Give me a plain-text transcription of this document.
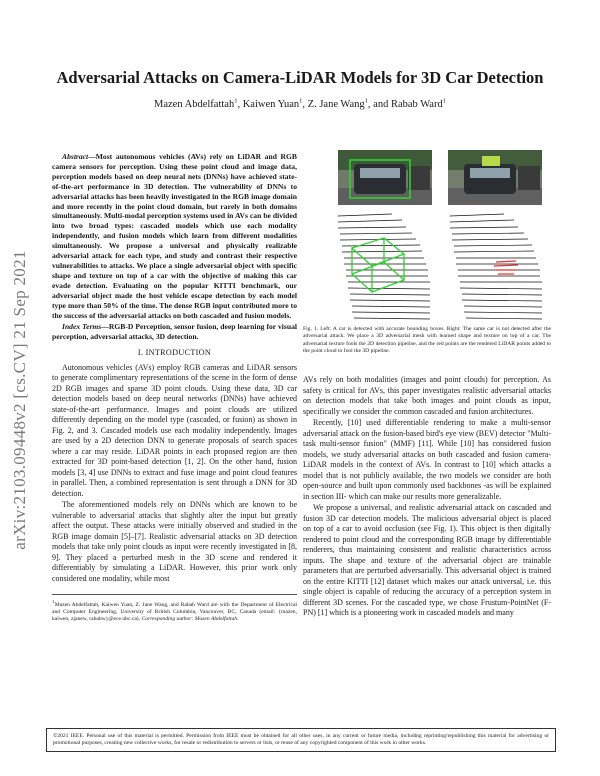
arXiv:2103.09448v2 [cs.CV] 21 Sep 2021
Adversarial Attacks on Camera-LiDAR Models for 3D Car Detection
Mazen Abdelfattah$^1$, Kaiwen Yuan$^1$, Z. Jane Wang$^1$, and Rabab Ward$^1$

Abstract—Most autonomous vehicles (AVs) rely on LiDAR and RGB camera sensors for perception. Using these point cloud and image data, perception models based on deep neural nets (DNNs) have achieved state-of-the-art performance in 3D detection. The vulnerability of DNNs to adversarial attacks has been heavily investigated in the RGB image domain and more recently in the point cloud domain, but rarely in both domains simultaneously. Multi-modal perception systems used in AVs can be divided into two broad types: cascaded models which use each modality independently, and fusion models which learn from different modalities simultaneously. We propose a universal and physically realizable adversarial attack for each type, and study and contrast their respective vulnerabilities to attacks. We place a single adversarial object with specific shape and texture on top of a car with the objective of making this car evade detection. Evaluating on the popular KITTI benchmark, our adversarial object made the host vehicle escape detection by each model type more than 50% of the time. The dense RGB input contributed more to the success of the adversarial attacks on both cascaded and fusion models.

Index Terms—RGB-D Perception, sensor fusion, deep learning for visual perception, adversarial attacks, 3D detection.

I. INTRODUCTION

Autonomous vehicles (AVs) employ RGB cameras and LiDAR sensors to generate complimentary representations of the scene in the form of dense 2D RGB images and sparse 3D point clouds. Using these data, 3D car detection models based on deep neural networks (DNNs) have achieved state-of-the-art performance. Images and point clouds are utilized differently depending on the model type (cascaded, or fusion) as shown in Fig. 2, and 3. Cascaded models use each modality independently. Images are used by a 2D detection DNN to generate proposals of search spaces where a car may reside. LiDAR points in each proposed region are then extracted for 3D point-based detection [1, 2]. On the other hand, fusion models [3, 4] use DNNs to extract and fuse image and point cloud features in parallel. Then, a combined representation is sent through a DNN for 3D detection.

The aforementioned models rely on DNNs which are known to be vulnerable to adversarial attacks that slightly alter the input but greatly affect the output. These attacks were initially observed and studied in the RGB image domain [5]–[7]. Realistic adversarial attacks on 3D detection models that take only point clouds as input were recently investigated in [8, 9]. They placed a perturbed mesh in the 3D scene and rendered it differentiably by simulating a LiDAR. However, this prior work only considered one modality, while most

$^1$ Mazen Abdelfattah, Kaiwen Yuan, Z. Jane Wang, and Rabab Ward are with the Department of Electrical and Computer Engineering, University of British Columbia, Vancouver, BC, Canada (email: {mazen, kaiwen, zjanew, rababw}@ece.ubc.ca). Corresponding author: Mazen Abdelfattah.
Fig. 1. Left: A car is detected with accurate bounding boxes. Right: The same car is not detected after the adversarial attack. We place a 3D adversarial mesh with learned shape and texture on top of a car. The adversarial texture fools the 2D detection pipeline, and the red points are the rendered LiDAR points added to the point cloud to fool the 3D pipeline.

AVs rely on both modalities (images and point clouds) for perception. As safety is critical for AVs, this paper investigates realistic adversarial attacks on detection models that take both images and point clouds as input, specifically we consider the common cascaded and fusion architectures.

Recently, [10] used differentiable rendering to make a multi-sensor adversarial attack on the fusion-based bird's eye view (BEV) detector "Multi-task multi-sensor fusion" (MMF) [11]. While [10] has considered fusion models, we study adversarial attacks on both cascaded and fusion camera-LiDAR models in the context of AVs. In contrast to [10] which attacks a model that is not publicly available, the two models we consider are both open-source and built upon commonly used backbones -as will be explained in section III- which can make our results more generalizable.

We propose a universal, and realistic adversarial attack on cascaded and fusion 3D car detection models. The malicious adversarial object is placed on top of a car to avoid occlusion (see Fig. 1). This object is then digitally rendered to point cloud and the corresponding RGB image by differentiable renderers, thus maintaining consistent and realistic characteristics across inputs. The shape and texture of the adversarial object are trainable parameters that are perturbed adversarially. This adversarial object is trained on the entire KITTI [12] dataset which makes our attack universal, i.e. this single object is capable of reducing the accuracy of a perception system in different 3D scenes. For the cascaded type, we chose Frustum-PointNet (F-PN) [1] which is a pioneering work in cascaded models and many

©2021 IEEE. Personal use of this material is permitted. Permission from IEEE must be obtained for all other uses, in any current or future media, including reprinting/republishing this material for advertising or promotional purposes, creating new collective works, for resale or redistribution to servers or lists, or reuse of any copyrighted component of this work in other works.
